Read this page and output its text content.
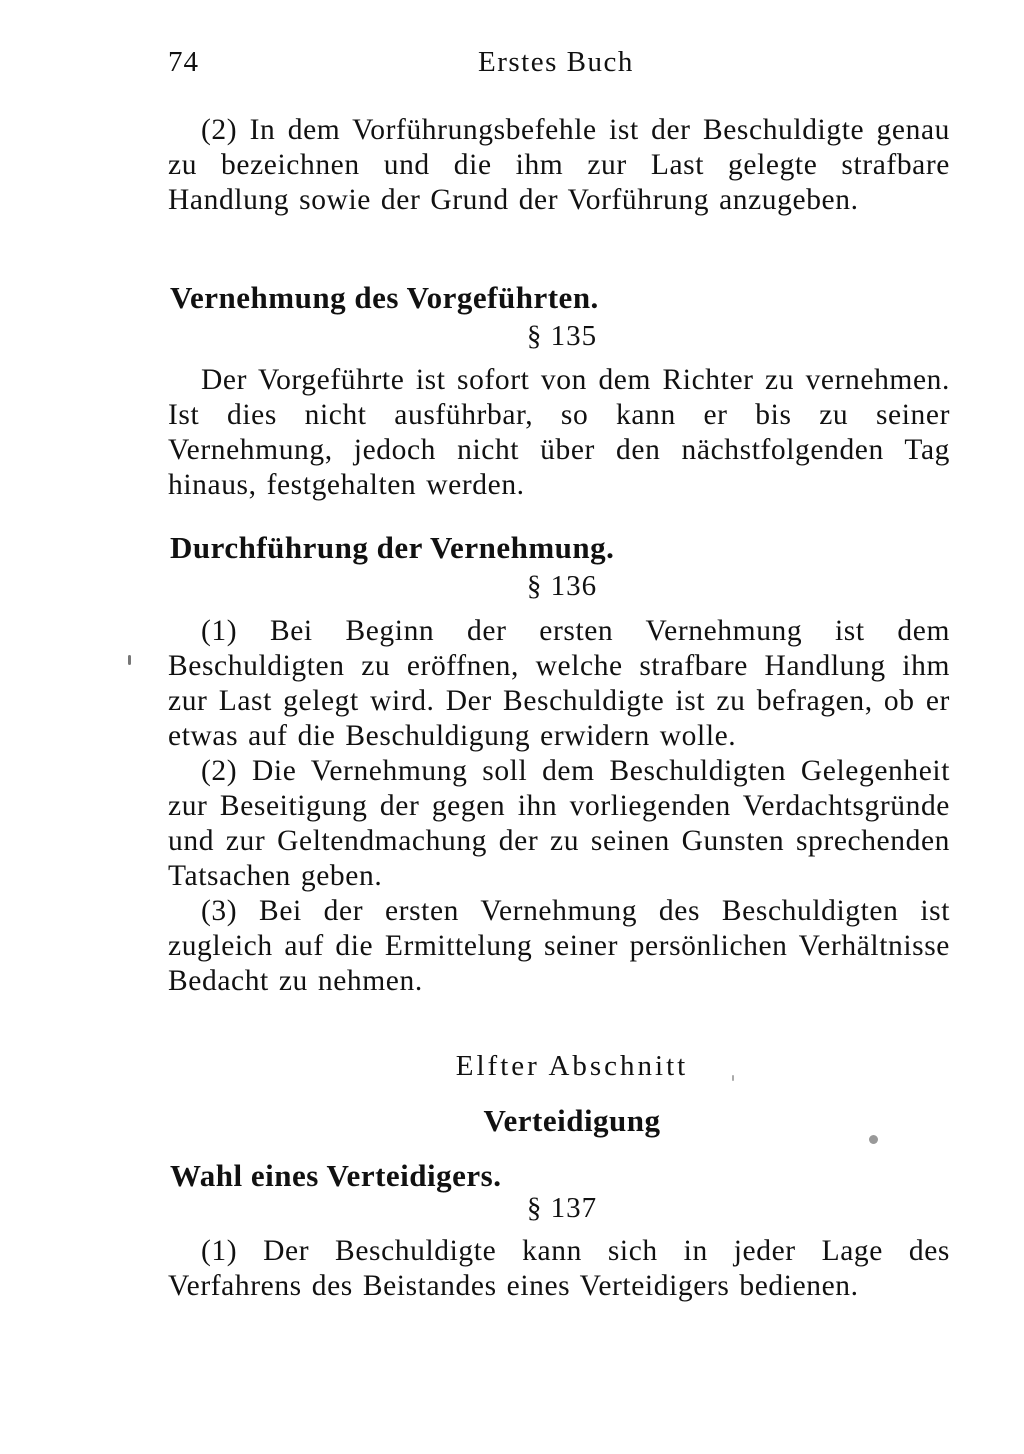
74	Erstes Buch

(2) In dem Vorführungsbefehle ist der Beschuldigte genau zu bezeichnen und die ihm zur Last gelegte strafbare Handlung sowie der Grund der Vorführung anzugeben.

Vernehmung des Vorgeführten.
§ 135

Der Vorgeführte ist sofort von dem Richter zu vernehmen. Ist dies nicht ausführbar, so kann er bis zu seiner Vernehmung, jedoch nicht über den nächstfolgenden Tag hinaus, festgehalten werden.

Durchführung der Vernehmung.
§ 136

(1) Bei Beginn der ersten Vernehmung ist dem Beschuldigten zu eröffnen, welche strafbare Handlung ihm zur Last gelegt wird. Der Beschuldigte ist zu befragen, ob er etwas auf die Beschuldigung erwidern wolle.

(2) Die Vernehmung soll dem Beschuldigten Gelegenheit zur Beseitigung der gegen ihn vorliegenden Verdachtsgründe und zur Geltendmachung der zu seinen Gunsten sprechenden Tatsachen geben.

(3) Bei der ersten Vernehmung des Beschuldigten ist zugleich auf die Ermittelung seiner persönlichen Verhältnisse Bedacht zu nehmen.

Elfter Abschnitt
Verteidigung
Wahl eines Verteidigers.
§ 137

(1) Der Beschuldigte kann sich in jeder Lage des Verfahrens des Beistandes eines Verteidigers bedienen.
